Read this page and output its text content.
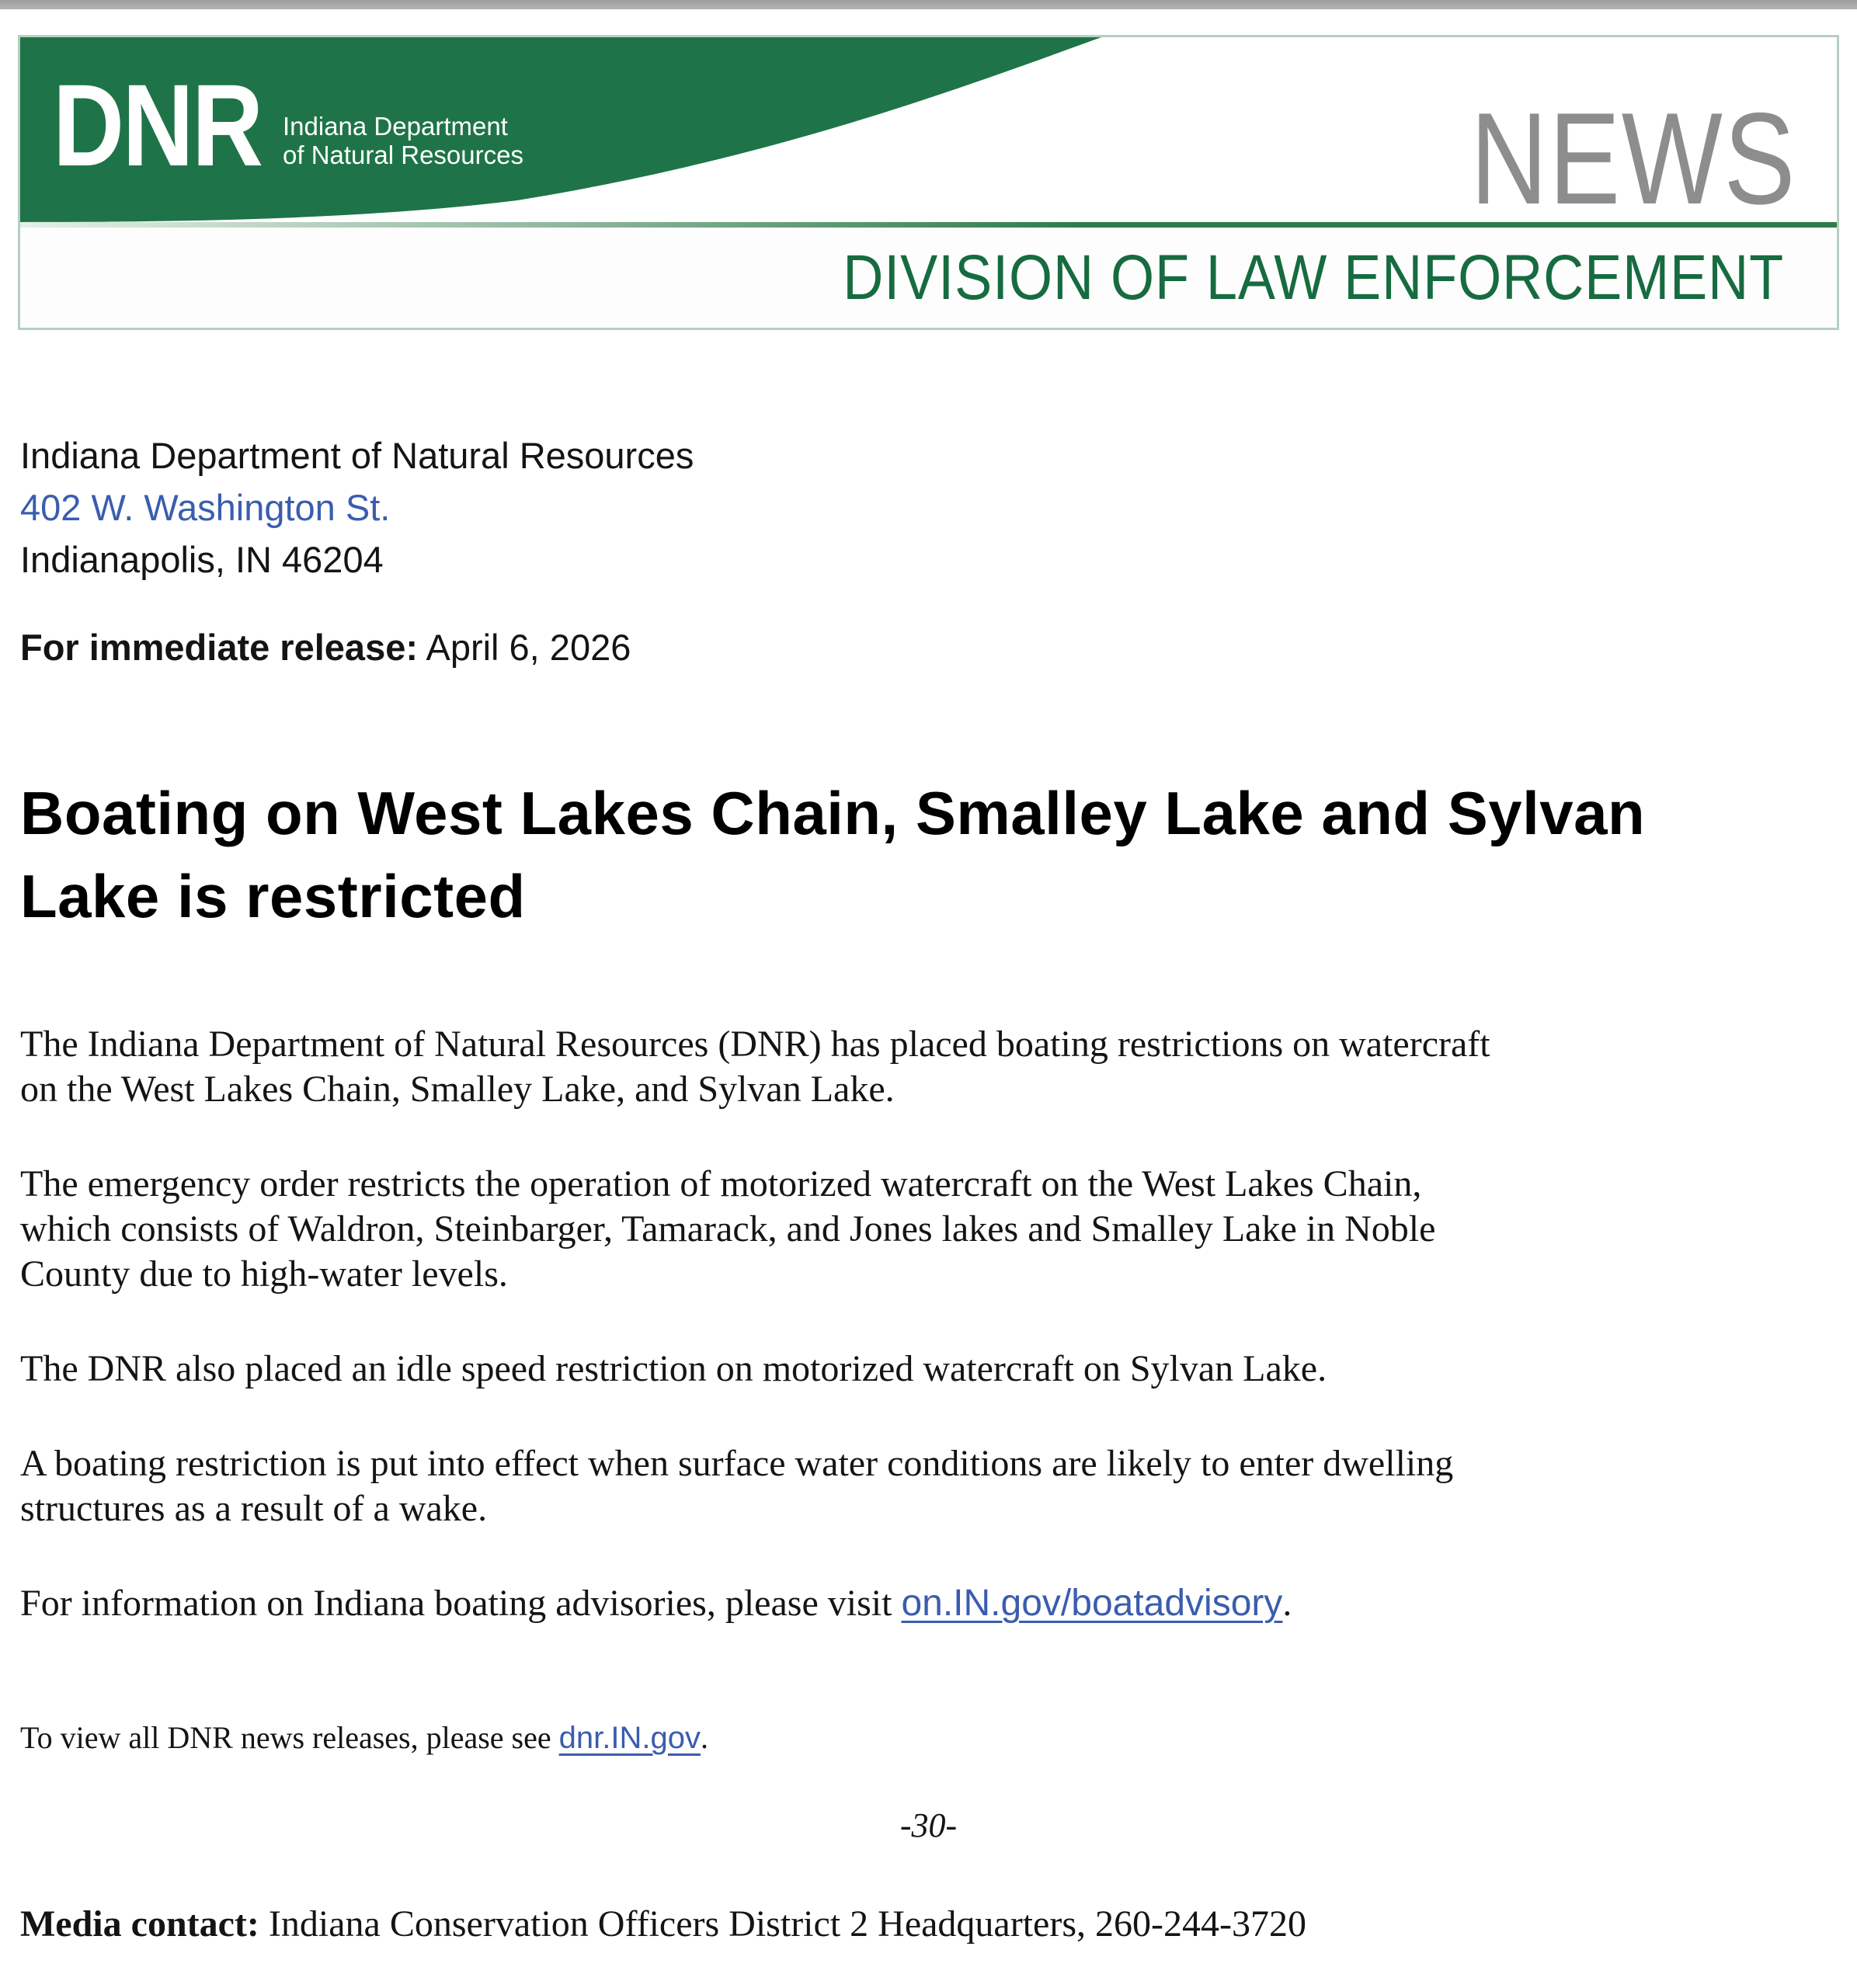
DNR Indiana Department
of Natural Resources	NEWS
DIVISION OF LAW ENFORCEMENT
Indiana Department of Natural Resources
402 W. Washington St.
Indianapolis, IN 46204
For immediate release: April 6, 2026
Boating on West Lakes Chain, Smalley Lake and Sylvan
Lake is restricted
The Indiana Department of Natural Resources (DNR) has placed boating restrictions on watercraft
on the West Lakes Chain, Smalley Lake, and Sylvan Lake.
The emergency order restricts the operation of motorized watercraft on the West Lakes Chain,
which consists of Waldron, Steinbarger, Tamarack, and Jones lakes and Smalley Lake in Noble
County due to high-water levels.
The DNR also placed an idle speed restriction on motorized watercraft on Sylvan Lake.
A boating restriction is put into effect when surface water conditions are likely to enter dwelling
structures as a result of a wake.
For information on Indiana boating advisories, please visit on.IN.gov/boatadvisory.
To view all DNR news releases, please see dnr.IN.gov.
-30-
Media contact: Indiana Conservation Officers District 2 Headquarters, 260-244-3720
